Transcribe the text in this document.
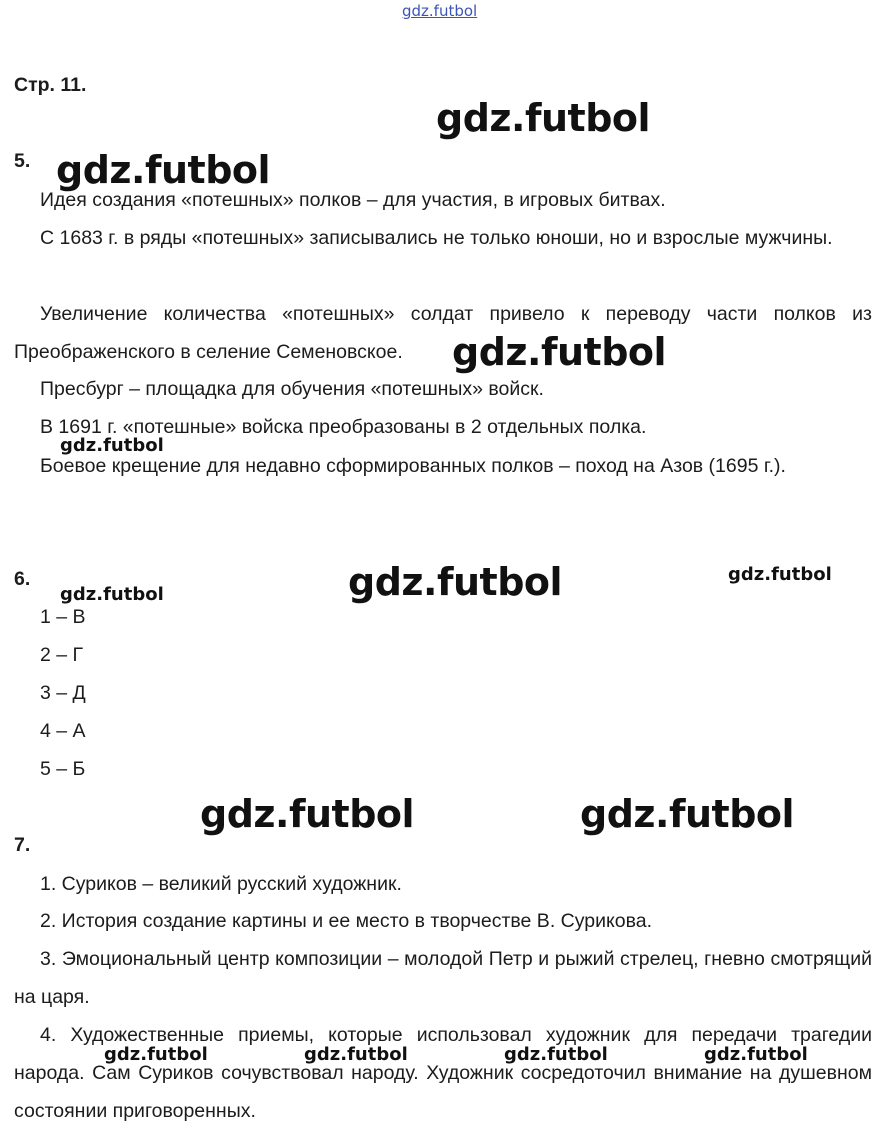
gdz.futbol
Стр. 11.
5.
Идея создания «потешных» полков – для участия, в игровых битвах.

С 1683 г. в ряды «потешных» записывались не только юноши, но и взрослые мужчины.

Увеличение количества «потешных» солдат привело к переводу части полков из Преображенского в селение Семеновское.

Пресбург – площадка для обучения «потешных» войск.
В 1691 г. «потешные» войска преобразованы в 2 отдельных полка.

Боевое крещение для недавно сформированных полков – поход на Азов (1695 г.).

6.
1 – В
2 – Г
3 – Д
4 – А
5 – Б
7.
1. Суриков – великий русский художник.
2. История создание картины и ее место в творчестве В. Сурикова.

3. Эмоциональный центр композиции – молодой Петр и рыжий стрелец, гневно смотрящий на царя.

4. Художественные приемы, которые использовал художник для передачи трагедии народа. Сам Суриков сочувствовал народу. Художник сосредоточил внимание на душевном состоянии приговоренных.

gdz.futbol
gdz.futbol
gdz.futbol
gdz.futbol
gdz.futbol	gdz.futbol
gdz.futbol
gdz.futbol	gdz.futbol
gdz.futbol	gdz.futbol	gdz.futbol	gdz.futbol
